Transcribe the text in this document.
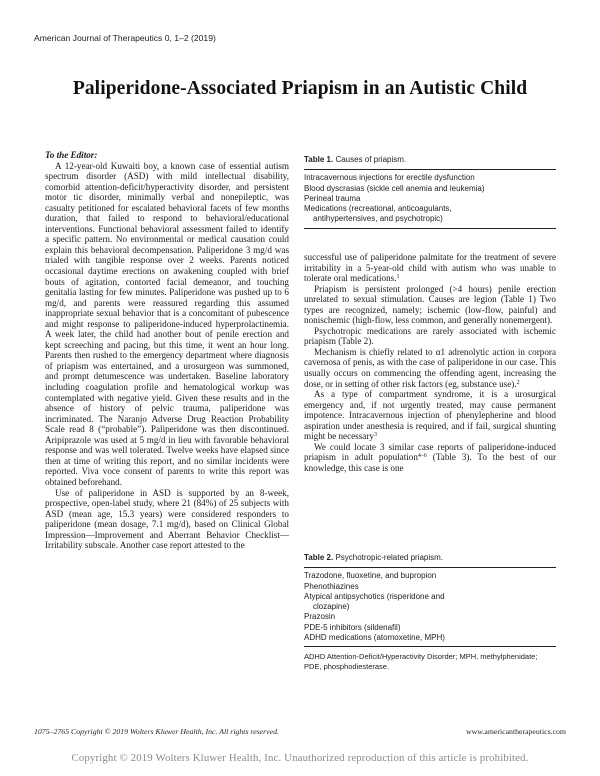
American Journal of Therapeutics 0, 1–2 (2019)
Paliperidone-Associated Priapism in an Autistic Child

To the Editor:

A 12-year-old Kuwaiti boy, a known case of essential autism spectrum disorder (ASD) with mild intellectual disability, comorbid attention-deficit/hyperactivity disorder, and persistent motor tic disorder, minimally verbal and nonepileptic, was casualty petitioned for escalated behavioral facets of few months duration, that failed to respond to behavioral/educational interventions. Functional behavioral assessment failed to identify a specific pattern. No environmental or medical causation could explain this behavioral decompensation. Paliperidone 3 mg/d was trialed with tangible response over 2 weeks. Parents noticed occasional daytime erections on awakening coupled with brief bouts of agitation, contorted facial demeanor, and touching genitalia lasting for few minutes. Paliperidone was pushed up to 6 mg/d, and parents were reassured regarding this assumed inappropriate sexual behavior that is a concomitant of pubescence and might response to paliperidone-induced hyperprolactinemia. A week later, the child had another bout of penile erection and kept screeching and pacing, but this time, it went an hour long. Parents then rushed to the emergency department where diagnosis of priapism was entertained, and a urosurgeon was summoned, and prompt detumescence was undertaken. Baseline laboratory including coagulation profile and hematological workup was contemplated with negative yield. Given these results and in the absence of history of pelvic trauma, paliperidone was incriminated. The Naranjo Adverse Drug Reaction Probability Scale read 8 (“probable”). Paliperidone was then discontinued. Aripiprazole was used at 5 mg/d in lieu with favorable behavioral response and was well tolerated. Twelve weeks have elapsed since then at time of writing this report, and no similar incidents were reported. Viva voce consent of parents to write this report was obtained beforehand.

Use of paliperidone in ASD is supported by an 8-week, prospective, open-label study, where 21 (84%) of 25 subjects with ASD (mean age, 15.3 years) were considered responders to paliperidone (mean dosage, 7.1 mg/d), based on Clinical Global Impression—Improvement and Aberrant Behavior Checklist—Irritability subscale. Another case report attested to the

Table 1. Causes of priapism.
Intracavernous injections for erectile dysfunction
Blood dyscrasias (sickle cell anemia and leukemia)
Perineal trauma
Medications (recreational, anticoagulants,
antihypertensives, and psychotropic)

successful use of paliperidone palmitate for the treatment of severe irritability in a 5-year-old child with autism who was unable to tolerate oral medications.$^1$

Priapism is persistent prolonged (>4 hours) penile erection unrelated to sexual stimulation. Causes are legion (Table 1) Two types are recognized, namely; ischemic (low-flow, painful) and nonischemic (high-flow, less common, and generally nonemergent).

Psychotropic medications are rarely associated with ischemic priapism (Table 2).

Mechanism is chiefly related to α1 adrenolytic action in corpora cavernosa of penis, as with the case of paliperidone in our case. This usually occurs on commencing the offending agent, increasing the dose, or in setting of other risk factors (eg, substance use).$^2$

As a type of compartment syndrome, it is a urosurgical emergency and, if not urgently treated, may cause permanent impotence. Intracavernous injection of phenylepherine and blood aspiration under anesthesia is required, and if fail, surgical shunting might be necessary$^3$

We could locate 3 similar case reports of paliperidone-induced priapism in adult population$^{4-6}$ (Table 3). To the best of our knowledge, this case is one

Table 2. Psychotropic-related priapism.
Trazodone, fluoxetine, and bupropion
Phenothiazines
Atypical antipsychotics (risperidone and
clozapine)
Prazosin
PDE-5 inhibitors (sildenafil)
ADHD medications (atomoxetine, MPH)
ADHD Attention-Deficit/Hyperactivity Disorder; MPH, methylphenidate; PDE, phosphodiesterase.
1075–2765 Copyright © 2019 Wolters Kluwer Health, Inc. All rights reserved.	www.americantherapeutics.com
Copyright © 2019 Wolters Kluwer Health, Inc. Unauthorized reproduction of this article is prohibited.
